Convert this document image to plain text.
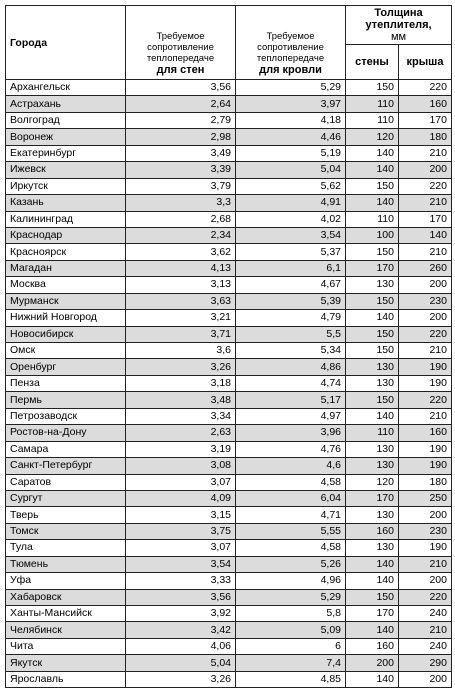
Города	Требуемое
сопротивление
теплопередаче
для стен	Требуемое
сопротивление
теплопередаче
для кровли	Толщина
утеплителя,
мм	
			стены	крыша
Архангельск	3,56	5,29	150	220
Астрахань	2,64	3,97	110	160
Волгоград	2,79	4,18	110	170
Воронеж	2,98	4,46	120	180
Екатеринбург	3,49	5,19	140	210
Ижевск	3,39	5,04	140	200
Иркутск	3,79	5,62	150	220
Казань	3,3	4,91	140	210
Калининград	2,68	4,02	110	170
Краснодар	2,34	3,54	100	140
Красноярск	3,62	5,37	150	210
Магадан	4,13	6,1	170	260
Москва	3,13	4,67	130	200
Мурманск	3,63	5,39	150	230
Нижний Новгород	3,21	4,79	140	200
Новосибирск	3,71	5,5	150	220
Омск	3,6	5,34	150	210
Оренбург	3,26	4,86	130	190
Пенза	3,18	4,74	130	190
Пермь	3,48	5,17	150	220
Петрозаводск	3,34	4,97	140	210
Ростов-на-Дону	2,63	3,96	110	160
Самара	3,19	4,76	130	190
Санкт-Петербург	3,08	4,6	130	190
Саратов	3,07	4,58	120	180
Сургут	4,09	6,04	170	250
Тверь	3,15	4,71	130	200
Томск	3,75	5,55	160	230
Тула	3,07	4,58	130	190
Тюмень	3,54	5,26	140	210
Уфа	3,33	4,96	140	200
Хабаровск	3,56	5,29	150	220
Ханты-Мансийск	3,92	5,8	170	240
Челябинск	3,42	5,09	140	210
Чита	4,06	6	160	240
Якутск	5,04	7,4	200	290
Ярославль	3,26	4,85	140	200
